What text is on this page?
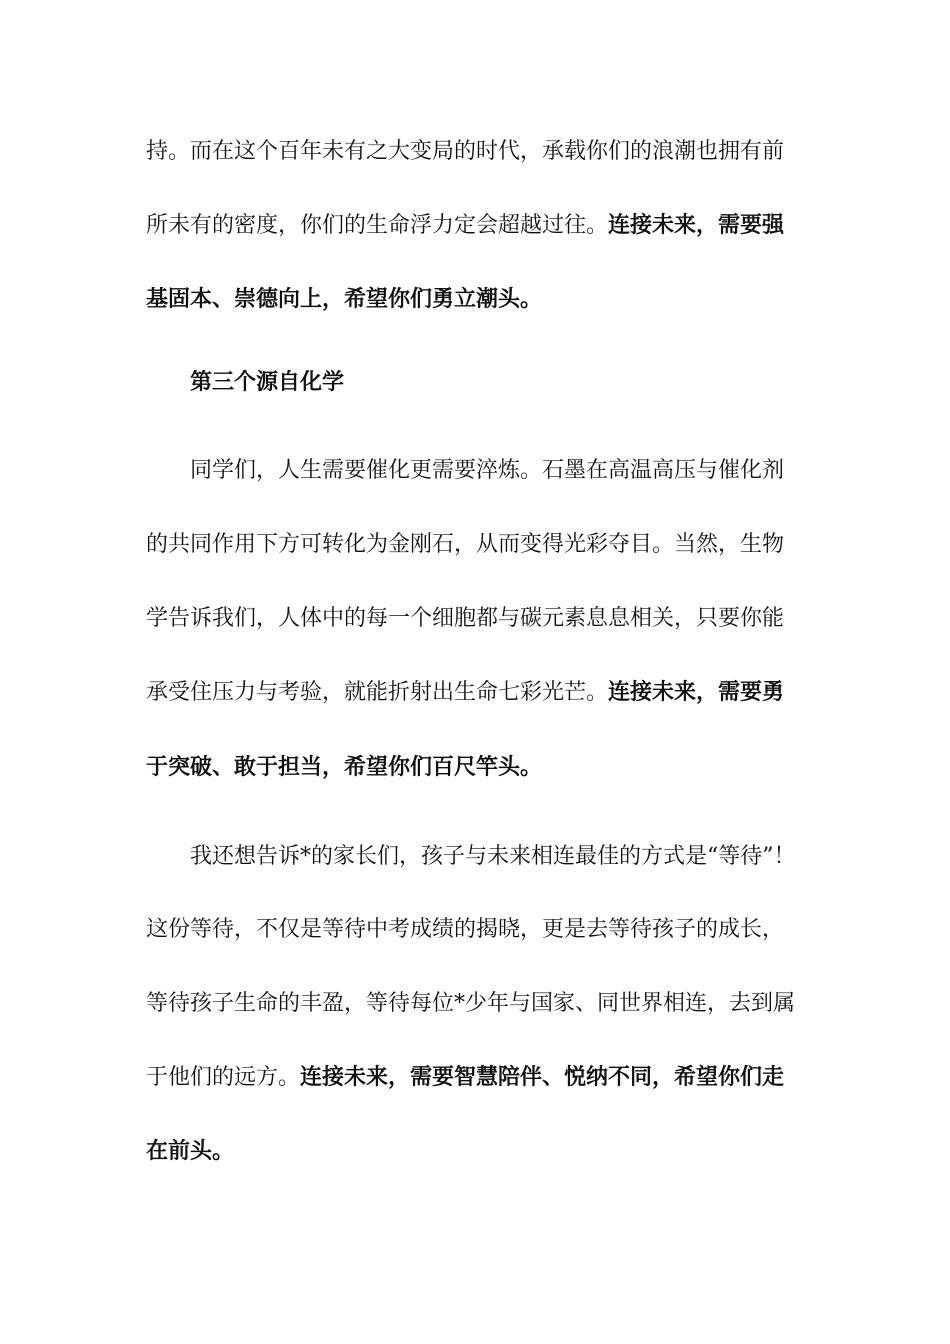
持。而在这个百年未有之大变局的时代，承载你们的浪潮也拥有前
所未有的密度，你们的生命浮力定会超越过往。连接未来，需要强
基固本、崇德向上，希望你们勇立潮头。
第三个源自化学
同学们，人生需要催化更需要淬炼。石墨在高温高压与催化剂
的共同作用下方可转化为金刚石，从而变得光彩夺目。当然，生物
学告诉我们，人体中的每一个细胞都与碳元素息息相关，只要你能
承受住压力与考验，就能折射出生命七彩光芒。连接未来，需要勇
于突破、敢于担当，希望你们百尺竿头。
我还想告诉*的家长们，孩子与未来相连最佳的方式是“等待”！
这份等待，不仅是等待中考成绩的揭晓，更是去等待孩子的成长，
等待孩子生命的丰盈，等待每位*少年与国家、同世界相连，去到属
于他们的远方。连接未来，需要智慧陪伴、悦纳不同，希望你们走
在前头。
